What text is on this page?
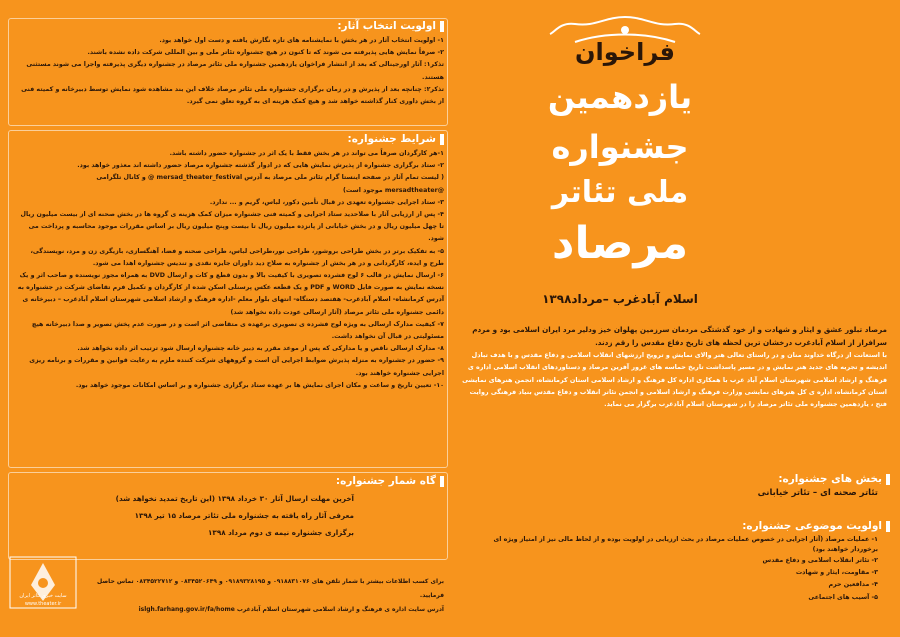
اولویت انتخاب آثار:
۱- اولویت انتخاب آثار در هر بخش با نمایشنامه های تازه نگارش یافته و دست اول خواهد بود.
۲- صرفاً نمایش هایی پذیرفته می شوند که تا کنون در هیچ جشنواره تئاتر ملی و بین المللی شرکت داده نشده باشند.
تذکر۱: آثار اورجینالی که بعد از انتشار فراخوان یازدهمین جشنواره ملی تئاتر مرصاد در جشنواره دیگری پذیرفته واجرا می شوند مستثنی هستند.
تذکر۲: چنانچه بعد از پذیرش و در زمان برگزاری جشنواره ملی تئاتر مرصاد خلاف این بند مشاهده شود نمایش توسط دبیرخانه و کمیته فنی از بخش داوری کنار گذاشته خواهد شد و هیچ کمک هزینه ای به گروه تعلق نمی گیرد.
شرایط جشنواره:
۱-هر کارگردان صرفاً می تواند در هر بخش فقط با یک اثر در جشنواره حضور داشته باشد.
۲- ستاد برگزاری جشنواره از پذیرش نمایش هایی که در ادوار گذشته جشنواره مرصاد حضور داشته اند معذور خواهد بود.
( لیست تمام آثار در صفحه اینستا گرام تئاتر ملی مرصاد به آدرس mersad_theater_festival @ و کانال تلگرامی
@mersadtheater موجود است)
۳- ستاد اجرایی جشنواره تعهدی در قبال تأمین دکور، لباس، گریم و ... ندارد.
۴- پس از ارزیابی آثار با صلاحدید ستاد اجرایی و کمیته فنی جشنواره میزان کمک هزینه ی گروه ها در بخش صحنه ای از بیست میلیون ریال تا چهل میلیون ریال و در بخش خیابانی از پانزده میلیون ریال تا بیست وپنج میلیون ریال بر اساس مقررات موجود محاسبه و پرداخت می شود.
۵- به تفکیک برتر در بخش طراحی بروشور، طراحی نور،طراحی لباس، طراحی صحنه و فضا، آهنگسازی، بازیگری زن و مرد، نویسندگی، طرح و ایده، کارگردانی و در هر بخش از جشنواره به صلاح دید داوران جایزه نقدی و تندیس جشنواره اهدا می شود.
۶- ارسال نمایش در قالب ۶ لوح فشرده تصویری با کیفیت بالا و بدون قطع و کات و ارسال DVD به همراه مجوز نویسنده و صاحب اثر و یک نسخه نمایش به صورت فایل WORD و PDF و یک قطعه عکس پرسنلی اسکن شده از کارگردان و تکمیل فرم تقاضای شرکت در جشنواره به آدرس کرمانشاه- اسلام آبادغرب- هفتصد دستگاه- انتهای بلوار معلم -اداره فرهنگ و ارشاد اسلامی شهرستان اسلام آبادغرب – دبیرخانه ی دائمی جشنواره ملی تئاتر مرصاد (آثار ارسالی عودت داده نخواهد شد)
۷- کیفیت مدارک ارسالی به ویژه لوح فشرده ی تصویری برعهده ی متقاضی اثر است و در صورت عدم پخش تصویر و صدا دبیرخانه هیچ مسئولیتی در قبال آن نخواهد داشت.
۸- مدارک ارسالی ناقص و یا مدارکی که پس از موعد مقرر به دبیر خانه جشنواره ارسال شود ترتیب اثر داده نخواهد شد.
۹- حضور در جشنواره به منزله پذیرش ضوابط اجرایی آن است و گروههای شرکت کننده ملزم به رعایت قوانین و مقررات و برنامه ریزی اجرایی جشنواره خواهند بود.
۱۰- تعیین تاریخ و ساعت و مکان اجرای نمایش ها بر عهده ستاد برگزاری جشنواره و بر اساس امکانات موجود خواهد بود.
گاه شمار جشنواره:
آخرین مهلت ارسال آثار ۳۰ خرداد ۱۳۹۸ (این تاریخ تمدید نخواهد شد)
معرفی آثار راه یافته به جشنواره ملی تئاتر مرصاد ۱۵ تیر ۱۳۹۸
برگزاری جشنواره نیمه ی دوم مرداد ۱۳۹۸
برای کسب اطلاعات بیشتر با شمار تلفن های ۰۹۱۸۸۳۱۰۷۶ و ۰۹۱۸۹۳۲۸۱۹۵ و ۰۸۳۴۵۲۰۶۴۹ و ۰۸۳۴۵۲۲۷۱۲ تماس حاصل فرمایید.
آدرس سایت اداره ی فرهنگ و ارشاد اسلامی شهرستان اسلام آبادغرب islgh.farhang.gov.ir/fa/home
سایت خبری تئاتر ایران
www.theater.ir
فراخوان
یازدهمین
جشنواره
ملی تئاتر
مرصاد
اسلام آبادغرب –مرداد۱۳۹۸
مرصاد تبلور عشق و ایثار و شهادت و از خود گذشتگی مردمان سرزمین پهلوان خیز ودلیر مرد ایران اسلامی بود و مردم سرافراز از اسلام آبادغرب درخشان ترین لحظه های تاریخ دفاع مقدس را رقم زدند.
با استعانت از درگاه خداوند منان و در راستای تعالی هنر والای نمایش و ترویج ارزشهای انقلاب اسلامی و دفاع مقدس و با هدف تبادل اندیشه و تجربه های جدید هنر نمایش و در مسیر پاسداشت تاریخ حماسه های غرور آفرین مرصاد و دستاوردهای انقلاب اسلامی اداره ی فرهنگ و ارشاد اسلامی شهرستان اسلام آباد غرب با همکاری اداره کل فرهنگ و ارشاد اسلامی استان کرمانشاه، انجمن هنرهای نمایشی استان کرمانشاه، اداره ی کل هنرهای نمایشی وزارت فرهنگ و ارشاد اسلامی و انجمن تئاتر انقلاب و دفاع مقدس بنیاد فرهنگی روایت فتح ، یازدهمین جشنواره ملی تئاتر مرصاد را در شهرستان اسلام آبادغرب برگزار می نماید.
بخش های جشنواره:
تئاتر صحنه ای – تئاتر خیابانی
اولویت موضوعی جشنواره:
۱- عملیات مرصاد (آثار اجرایی در خصوص عملیات مرصاد در بحث ارزیابی در اولویت بوده و از لحاظ مالی نیز از امتیاز ویژه ای برخوردار خواهند بود)
۲- تئاتر انقلاب اسلامی و دفاع مقدس
۳- مقاومت، ایثار و شهادت
۴- مدافعین حرم
۵- آسیب های اجتماعی
